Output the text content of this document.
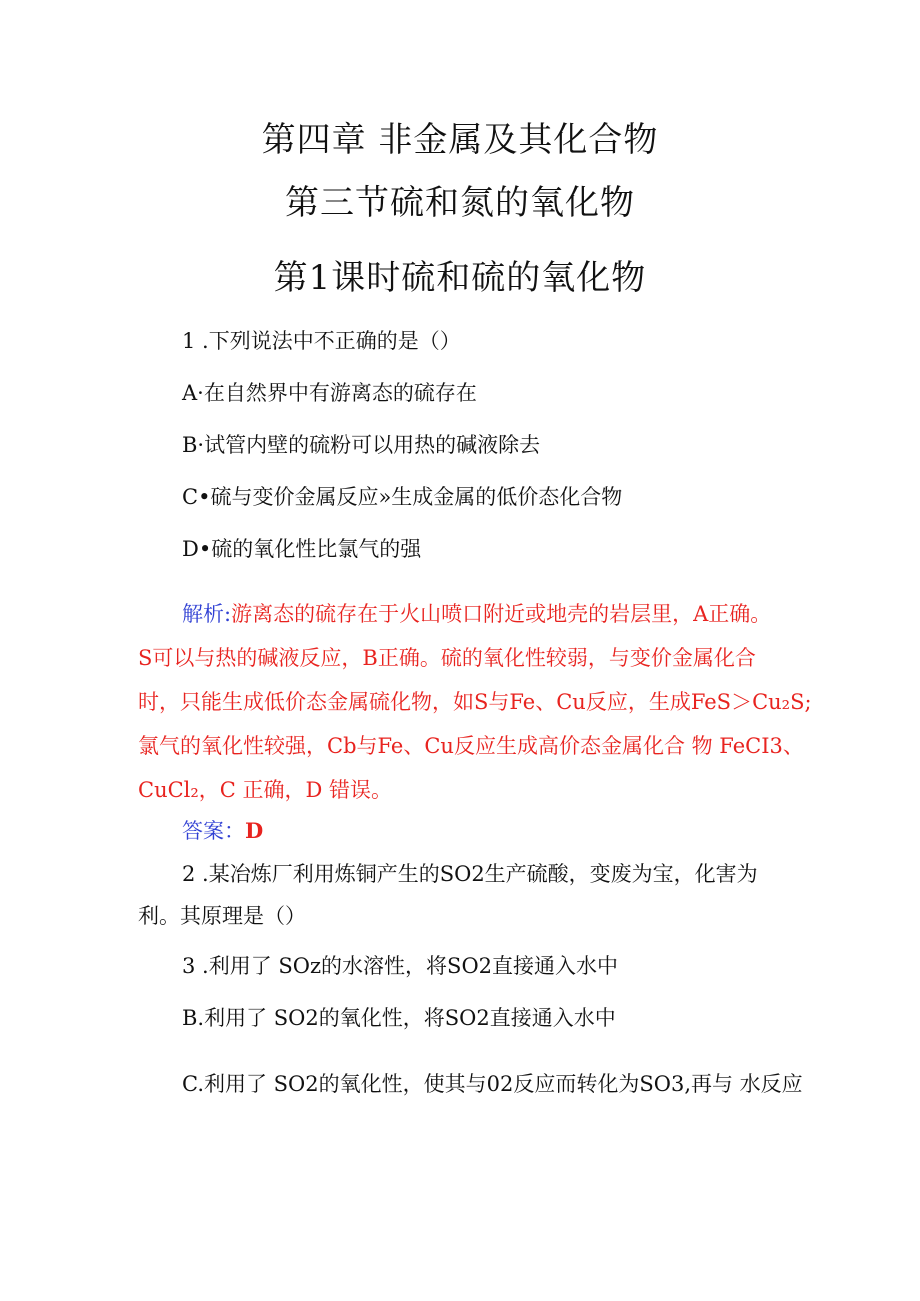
第四章 非金属及其化合物
第三节硫和氮的氧化物
第1课时硫和硫的氧化物
1 .下列说法中不正确的是（）
A·在自然界中有游离态的硫存在
B·试管内壁的硫粉可以用热的碱液除去
C•硫与变价金属反应»生成金属的低价态化合物
D•硫的氧化性比氯气的强
解析:游离态的硫存在于火山喷口附近或地壳的岩层里，A正确。
S可以与热的碱液反应，B正确。硫的氧化性较弱，与变价金属化合
时，只能生成低价态金属硫化物，如S与Fe、Cu反应，生成FeS＞Cu₂S;
氯气的氧化性较强，Cb与Fe、Cu反应生成高价态金属化合 物 FeCI3、
CuCl₂，C 正确，D 错误。
答案：D
2 .某冶炼厂利用炼铜产生的SO2生产硫酸，变废为宝，化害为
利。其原理是（）
3 .利用了 SOz的水溶性，将SO2直接通入水中
B.利用了 SO2的氧化性，将SO2直接通入水中
C.利用了 SO2的氧化性，使其与02反应而转化为SO3,再与 水反应
